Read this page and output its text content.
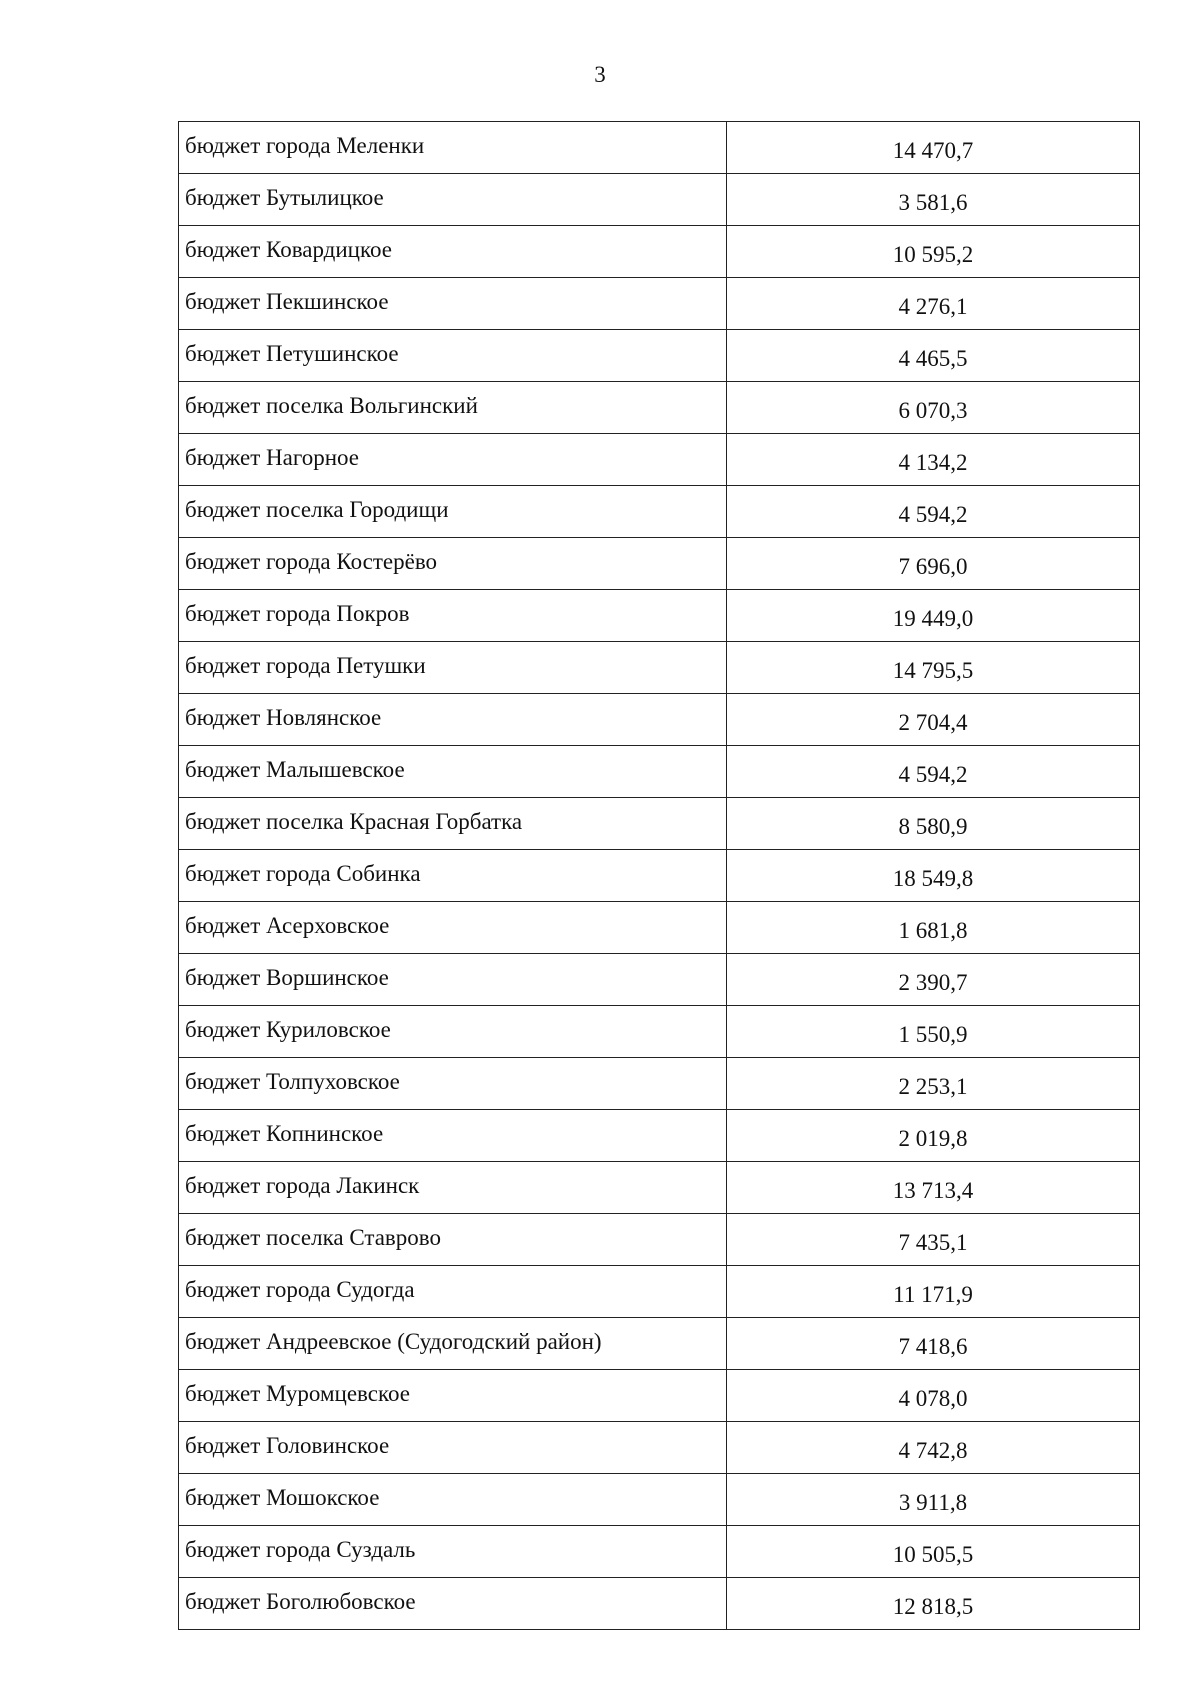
3
бюджет города Меленки	14 470,7
бюджет Бутылицкое	3 581,6
бюджет Ковардицкое	10 595,2
бюджет Пекшинское	4 276,1
бюджет Петушинское	4 465,5
бюджет поселка Вольгинский	6 070,3
бюджет Нагорное	4 134,2
бюджет поселка Городищи	4 594,2
бюджет города Костерёво	7 696,0
бюджет города Покров	19 449,0
бюджет города Петушки	14 795,5
бюджет Новлянское	2 704,4
бюджет Малышевское	4 594,2
бюджет поселка Красная Горбатка	8 580,9
бюджет города Собинка	18 549,8
бюджет Асерховское	1 681,8
бюджет Воршинское	2 390,7
бюджет Куриловское	1 550,9
бюджет Толпуховское	2 253,1
бюджет Копнинское	2 019,8
бюджет города Лакинск	13 713,4
бюджет поселка Ставрово	7 435,1
бюджет города Судогда	11 171,9
бюджет Андреевское (Судогодский район)	7 418,6
бюджет Муромцевское	4 078,0
бюджет Головинское	4 742,8
бюджет Мошокское	3 911,8
бюджет города Суздаль	10 505,5
бюджет Боголюбовское	12 818,5
